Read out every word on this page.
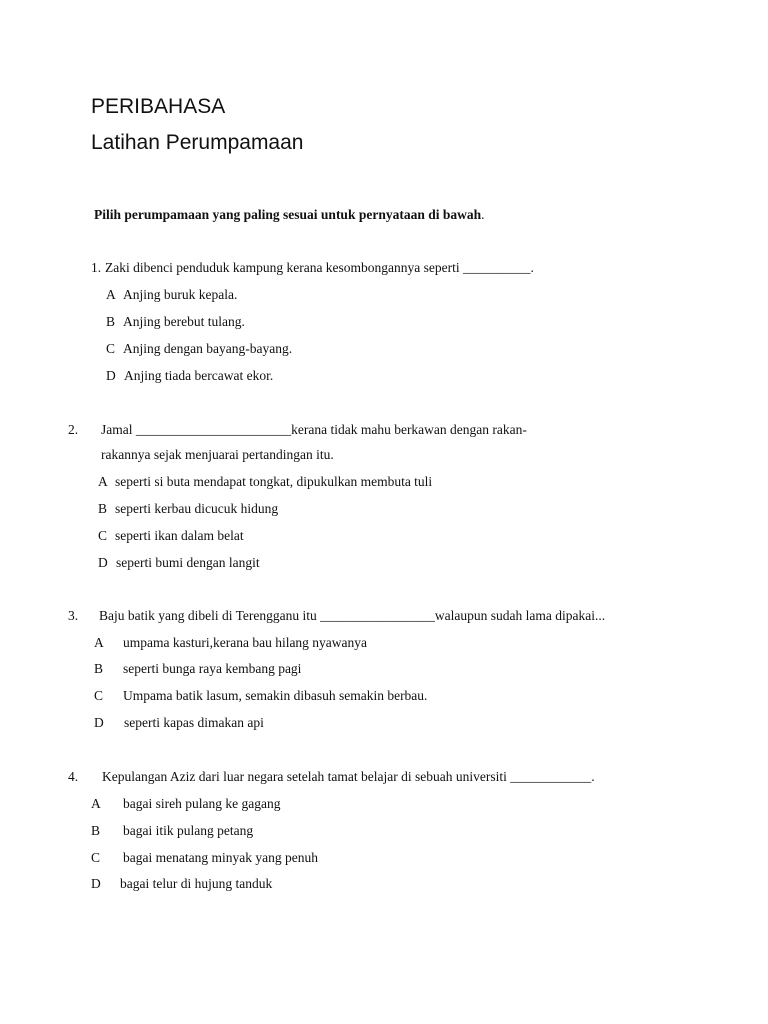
PERIBAHASA
Latihan Perumpamaan
Pilih perumpamaan yang paling sesuai untuk pernyataan di bawah.
1. Zaki dibenci penduduk kampung kerana kesombongannya seperti __________.
A Anjing buruk kepala.
B Anjing berebut tulang.
C Anjing dengan bayang-bayang.
D Anjing tiada bercawat ekor.
2. Jamal _______________________kerana tidak mahu berkawan dengan rakan-
rakannya sejak menjuarai pertandingan itu.
A seperti si buta mendapat tongkat, dipukulkan membuta tuli
B seperti kerbau dicucuk hidung
C seperti ikan dalam belat
D seperti bumi dengan langit
3. Baju batik yang dibeli di Terengganu itu _________________walaupun sudah lama dipakai...
A umpama kasturi,kerana bau hilang nyawanya
B seperti bunga raya kembang pagi
C Umpama batik lasum, semakin dibasuh semakin berbau.
D seperti kapas dimakan api
4. Kepulangan Aziz dari luar negara setelah tamat belajar di sebuah universiti ____________.
A bagai sireh pulang ke gagang
B bagai itik pulang petang
C bagai menatang minyak yang penuh
D bagai telur di hujung tanduk
